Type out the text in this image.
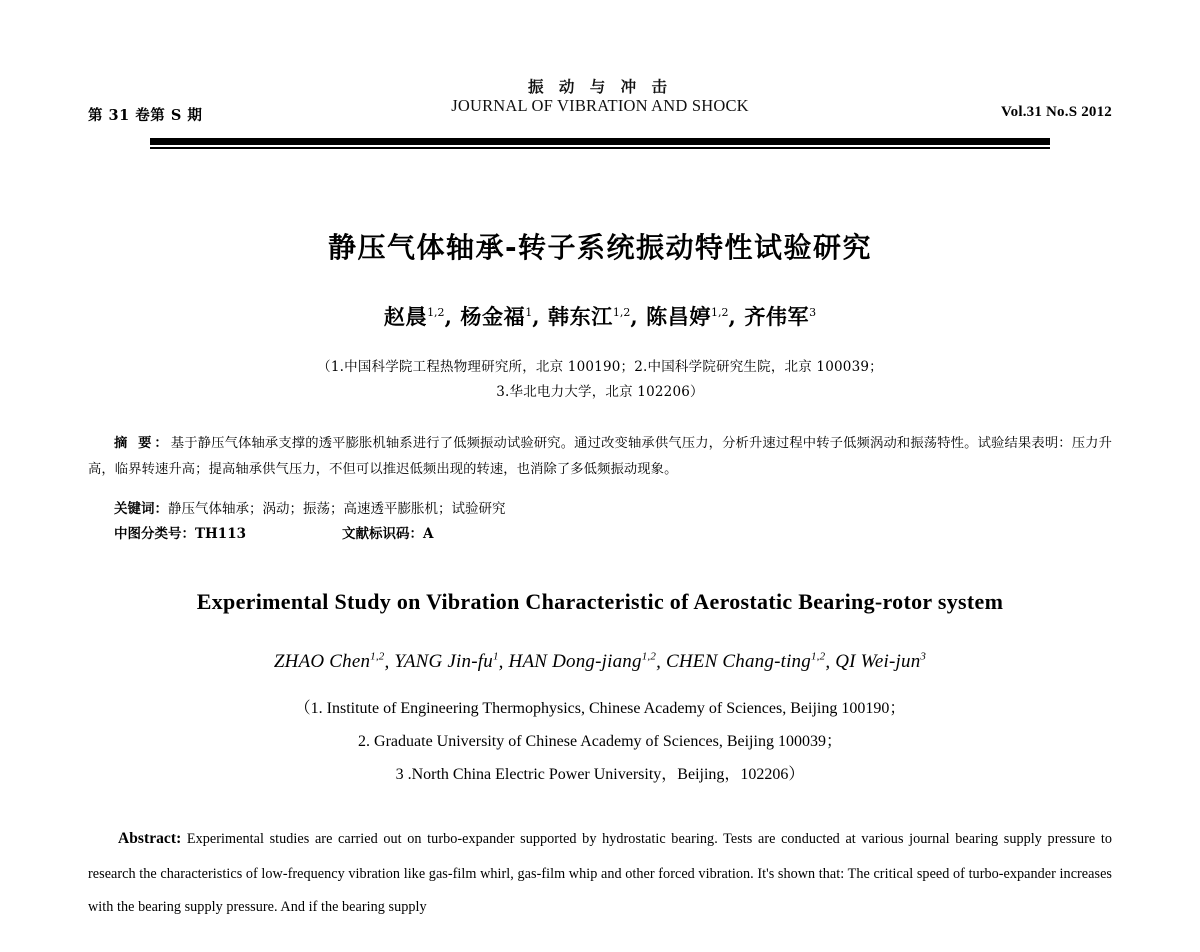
振 动 与 冲 击
JOURNAL OF VIBRATION AND SHOCK
第 31 卷第 S 期	Vol.31 No.S 2012
静压气体轴承-转子系统振动特性试验研究
赵晨$^{1,2}$, 杨金福$^1$, 韩东江$^{1,2}$, 陈昌婷$^{1,2}$, 齐伟军$^3$
（1.中国科学院工程热物理研究所，北京 100190；2.中国科学院研究生院，北京 100039；
3.华北电力大学，北京 102206）
摘 要：基于静压气体轴承支撑的透平膨胀机轴系进行了低频振动试验研究。通过改变轴承供气压力，分析升速过程中转子低频涡动和振荡特性。试验结果表明：压力升高，临界转速升高；提高轴承供气压力，不但可以推迟低频出现的转速，也消除了多低频振动现象。
关键词：静压气体轴承；涡动；振荡；高速透平膨胀机；试验研究
中图分类号：TH113	文献标识码：A
Experimental Study on Vibration Characteristic of Aerostatic Bearing-rotor system
ZHAO Chen$^{1,2}$, YANG Jin-$fu^1$, HAN Dong-jiang$^{1,2}$, CHEN Chang-ting$^{1,2}$, QI Wei-jun$^3$
（1. Institute of Engineering Thermophysics, Chinese Academy of Sciences, Beijing 100190；
2. Graduate University of Chinese Academy of Sciences, Beijing 100039；
3 .North China Electric Power University，Beijing，102206）
Abstract: Experimental studies are carried out on turbo-expander supported by hydrostatic bearing. Tests are conducted at various journal bearing supply pressure to research the characteristics of low-frequency vibration like gas-film whirl, gas-film whip and other forced vibration. It's shown that: The critical speed of turbo-expander increases with the bearing supply pressure. And if the bearing supply
